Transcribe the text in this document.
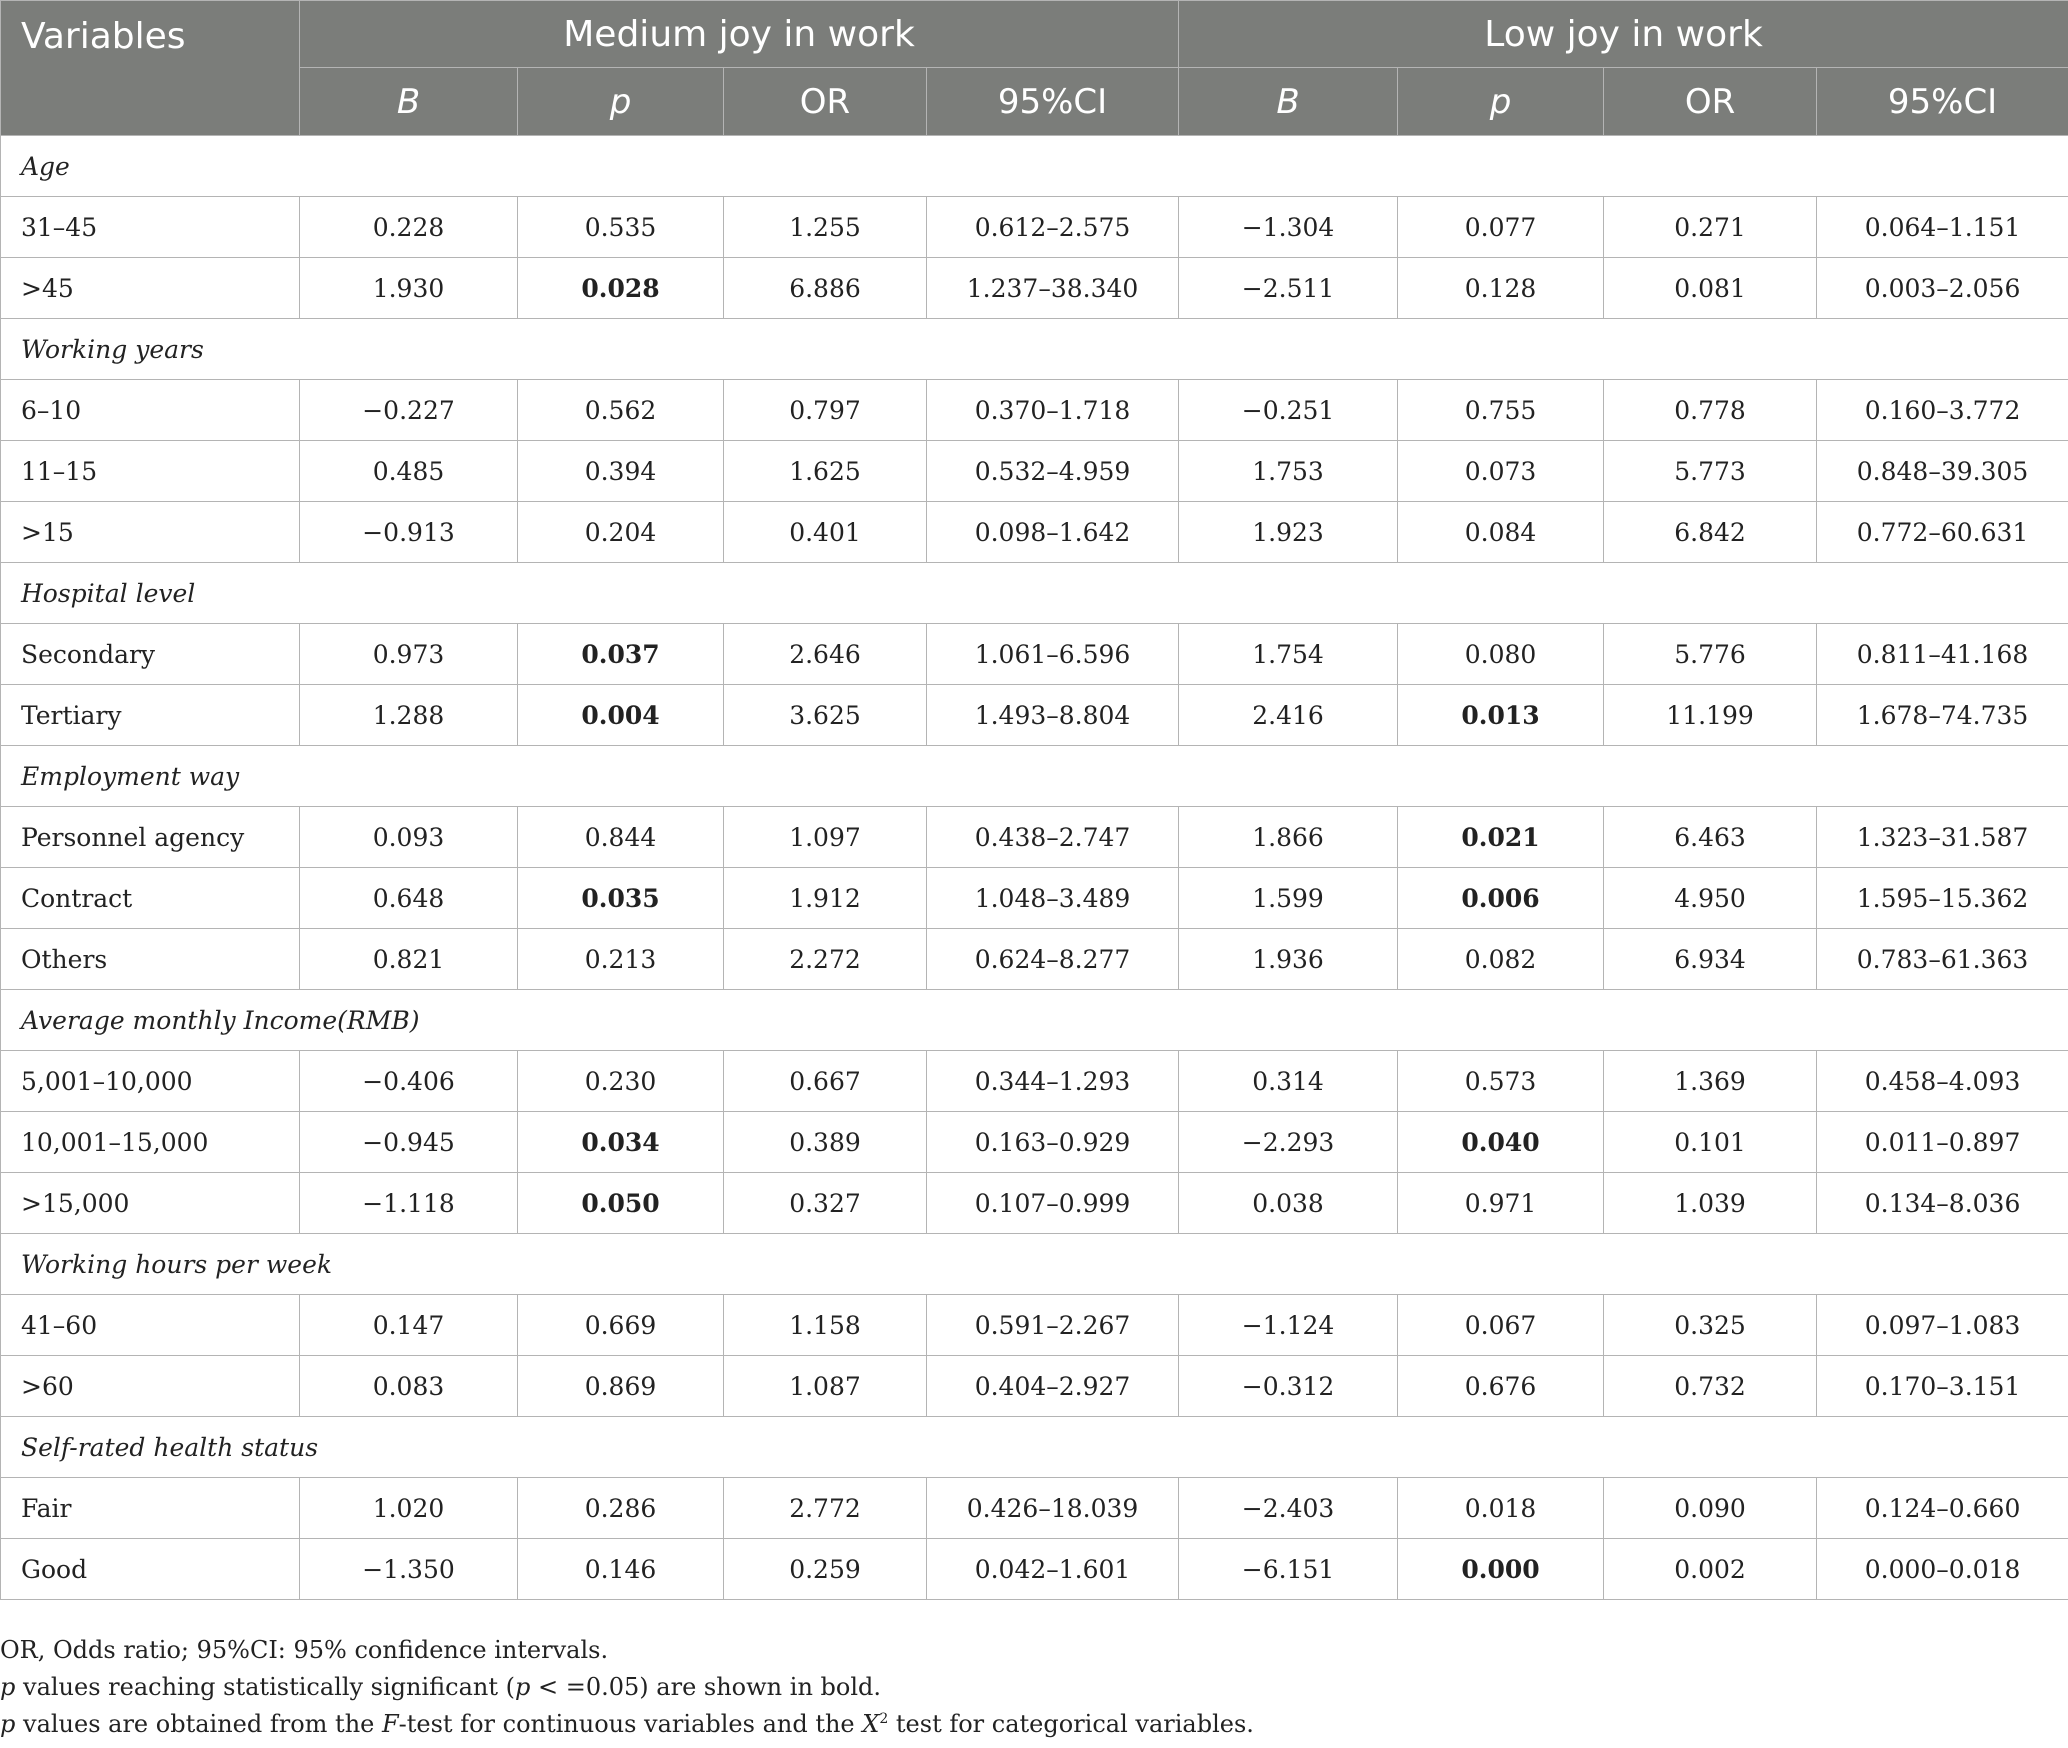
Variables	Medium joy in work				Low joy in work			
	B	p	OR	95%CI	B	p	OR	95%CI
Age								
31–45	0.228	0.535	1.255	0.612–2.575	−1.304	0.077	0.271	0.064–1.151
>45	1.930	0.028	6.886	1.237–38.340	−2.511	0.128	0.081	0.003–2.056
Working years								
6–10	−0.227	0.562	0.797	0.370–1.718	−0.251	0.755	0.778	0.160–3.772
11–15	0.485	0.394	1.625	0.532–4.959	1.753	0.073	5.773	0.848–39.305
>15	−0.913	0.204	0.401	0.098–1.642	1.923	0.084	6.842	0.772–60.631
Hospital level								
Secondary	0.973	0.037	2.646	1.061–6.596	1.754	0.080	5.776	0.811–41.168
Tertiary	1.288	0.004	3.625	1.493–8.804	2.416	0.013	11.199	1.678–74.735
Employment way								
Personnel agency	0.093	0.844	1.097	0.438–2.747	1.866	0.021	6.463	1.323–31.587
Contract	0.648	0.035	1.912	1.048–3.489	1.599	0.006	4.950	1.595–15.362
Others	0.821	0.213	2.272	0.624–8.277	1.936	0.082	6.934	0.783–61.363
Average monthly Income(RMB)								
5,001–10,000	−0.406	0.230	0.667	0.344–1.293	0.314	0.573	1.369	0.458–4.093
10,001–15,000	−0.945	0.034	0.389	0.163–0.929	−2.293	0.040	0.101	0.011–0.897
>15,000	−1.118	0.050	0.327	0.107–0.999	0.038	0.971	1.039	0.134–8.036
Working hours per week								
41–60	0.147	0.669	1.158	0.591–2.267	−1.124	0.067	0.325	0.097–1.083
>60	0.083	0.869	1.087	0.404–2.927	−0.312	0.676	0.732	0.170–3.151
Self-rated health status								
Fair	1.020	0.286	2.772	0.426–18.039	−2.403	0.018	0.090	0.124–0.660
Good	−1.350	0.146	0.259	0.042–1.601	−6.151	0.000	0.002	0.000–0.018

OR, Odds ratio; 95%CI: 95% confidence intervals.

p values reaching statistically significant (p < =0.05) are shown in bold.

p values are obtained from the F-test for continuous variables and the $X^2$ test for categorical variables.
